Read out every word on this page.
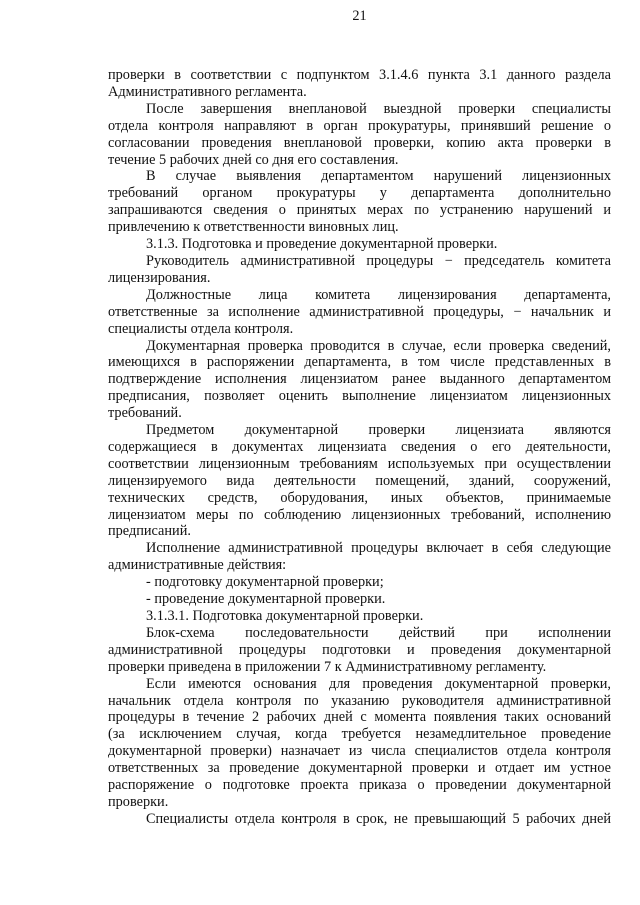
21

проверки в соответствии с подпунктом 3.1.4.6 пункта 3.1 данного раздела

Административного регламента.

После завершения внеплановой выездной проверки специалисты

отдела контроля направляют в орган прокуратуры, принявший решение о

согласовании проведения внеплановой проверки, копию акта проверки в

течение 5 рабочих дней со дня его составления.

В случае выявления департаментом нарушений лицензионных

требований органом прокуратуры у департамента дополнительно

запрашиваются сведения о принятых мерах по устранению нарушений и

привлечению к ответственности виновных лиц.

3.1.3. Подготовка и проведение документарной проверки.

Руководитель административной процедуры − председатель комитета

лицензирования.

Должностные лица комитета лицензирования департамента,

ответственные за исполнение административной процедуры, − начальник и

специалисты отдела контроля.

Документарная проверка проводится в случае, если проверка сведений,

имеющихся в распоряжении департамента, в том числе представленных в

подтверждение исполнения лицензиатом ранее выданного департаментом

предписания, позволяет оценить выполнение лицензиатом лицензионных

требований.

Предметом документарной проверки лицензиата являются

содержащиеся в документах лицензиата сведения о его деятельности,

соответствии лицензионным требованиям используемых при осуществлении

лицензируемого вида деятельности помещений, зданий, сооружений,

технических средств, оборудования, иных объектов, принимаемые

лицензиатом меры по соблюдению лицензионных требований, исполнению

предписаний.

Исполнение административной процедуры включает в себя следующие

административные действия:

- подготовку документарной проверки;

- проведение документарной проверки.

3.1.3.1. Подготовка документарной проверки.

Блок-схема последовательности действий при исполнении

административной процедуры подготовки и проведения документарной

проверки приведена в приложении 7 к Административному регламенту.

Если имеются основания для проведения документарной проверки,

начальник отдела контроля по указанию руководителя административной

процедуры в течение 2 рабочих дней с момента появления таких оснований

(за исключением случая, когда требуется незамедлительное проведение

документарной проверки) назначает из числа специалистов отдела контроля

ответственных за проведение документарной проверки и отдает им устное

распоряжение о подготовке проекта приказа о проведении документарной

проверки.

Специалисты отдела контроля в срок, не превышающий 5 рабочих дней
